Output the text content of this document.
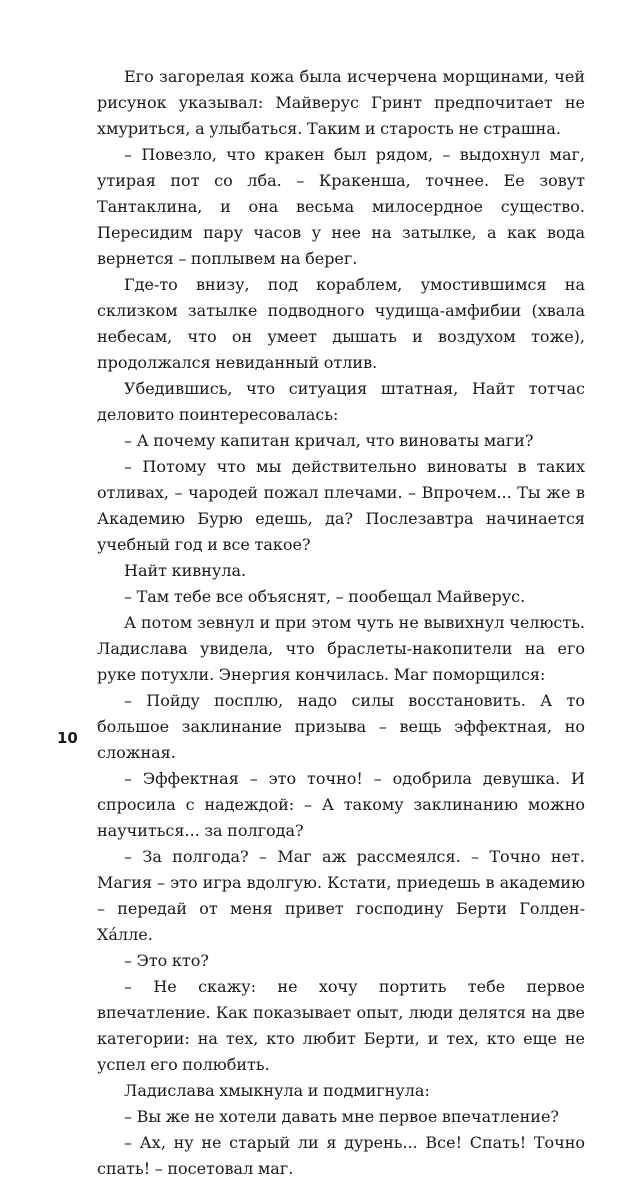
Его загорелая кожа была исчерчена морщинами, чей рисунок указывал: Майверус Гринт предпочитает не хмуриться, а улыбаться. Таким и старость не страшна.

– Повезло, что кракен был рядом, – выдохнул маг, утирая пот со лба. – Кракенша, точнее. Ее зовут Тантаклина, и она весьма милосердное существо. Пересидим пару часов у нее на затылке, а как вода вернется – поплывем на берег.

Где-то внизу, под кораблем, умостившимся на склизком затылке подводного чудища-амфибии (хвала небесам, что он умеет дышать и воздухом тоже), продолжался невиданный отлив.

Убедившись, что ситуация штатная, Найт тотчас деловито поинтересовалась:

– А почему капитан кричал, что виноваты маги?

– Потому что мы действительно виноваты в таких отливах, – чародей пожал плечами. – Впрочем... Ты же в Академию Бурю едешь, да? Послезавтра начинается учебный год и все такое?

Найт кивнула.

– Там тебе все объяснят, – пообещал Майверус.

А потом зевнул и при этом чуть не вывихнул челюсть. Ладислава увидела, что браслеты-накопители на его руке потухли. Энергия кончилась. Маг поморщился:

– Пойду посплю, надо силы восстановить. А то большое заклинание призыва – вещь эффектная, но сложная.

– Эффектная – это точно! – одобрила девушка. И спросила с надеждой: – А такому заклинанию можно научиться... за полгода?

– За полгода? – Маг аж рассмеялся. – Точно нет. Магия – это игра вдолгую. Кстати, приедешь в академию – передай от меня привет господину Берти Голден-Хáлле.

– Это кто?

– Не скажу: не хочу портить тебе первое впечатление. Как показывает опыт, люди делятся на две категории: на тех, кто любит Берти, и тех, кто еще не успел его полюбить.

Ладислава хмыкнула и подмигнула:

– Вы же не хотели давать мне первое впечатление?

– Ах, ну не старый ли я дурень... Все! Спать! Точно спать! – посетовал маг.

10
